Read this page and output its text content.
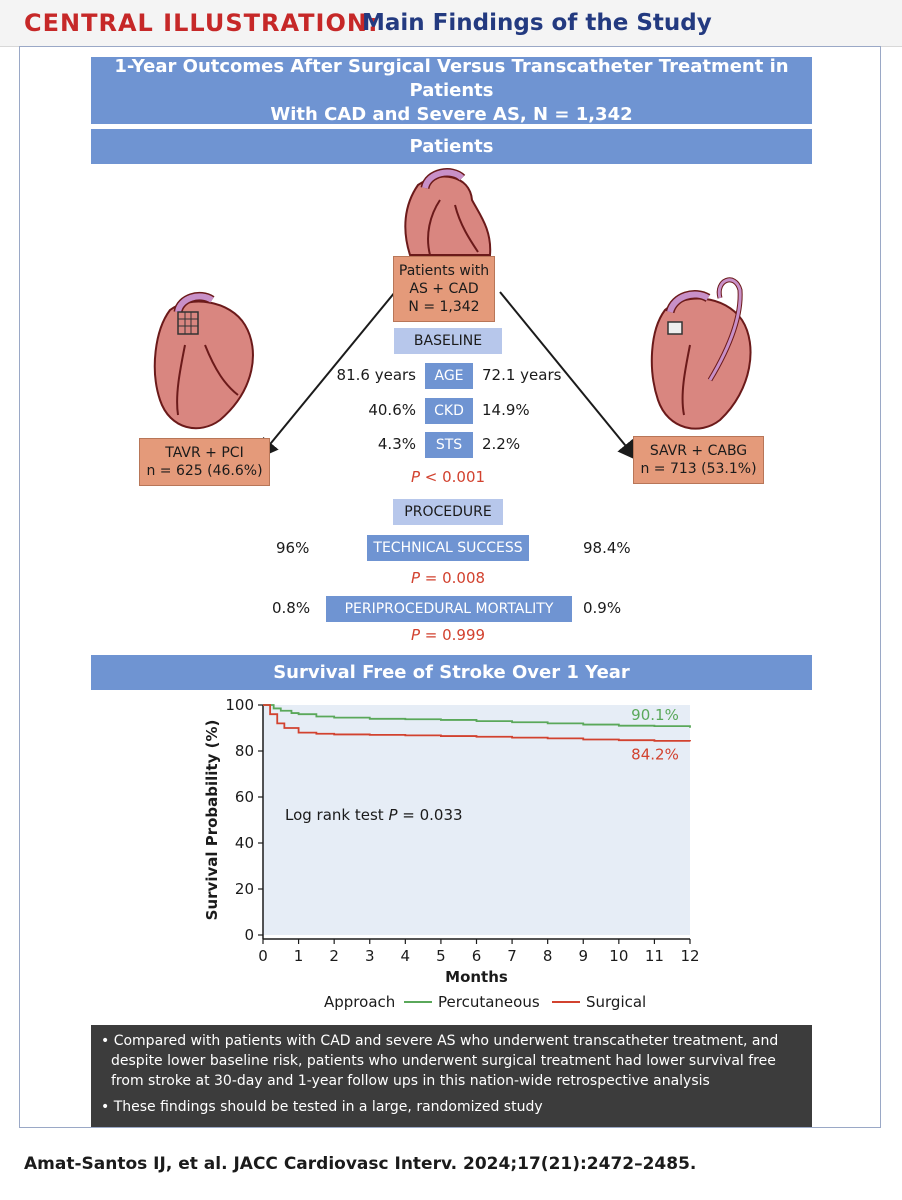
CENTRAL ILLUSTRATION:
Main Findings of the Study
1-Year Outcomes After Surgical Versus Transcatheter Treatment in Patients
With CAD and Severe AS, N = 1,342
Patients
Patients with
AS + CAD
N = 1,342
TAVR + PCI
n = 625 (46.6%)
SAVR + CABG
n = 713 (53.1%)
BASELINE
81.6 years	AGE	72.1 years
40.6%	CKD	14.9%
4.3%	STS	2.2%
P < 0.001
PROCEDURE
96%	TECHNICAL SUCCESS	98.4%
P = 0.008
0.8%	PERIPROCEDURAL MORTALITY	0.9%
P = 0.999
Survival Free of Stroke Over 1 Year
0
20
40
60
80
100
0 1 2 3 4 5 6 7 8 9 10 11 12
Months
Survival Probability (%)
90.1%
84.2%
Approach	Percutaneous	Surgical
Log rank test P = 0.033

• Compared with patients with CAD and severe AS who underwent transcatheter treatment, and despite lower baseline risk, patients who underwent surgical treatment had lower survival free from stroke at 30-day and 1-year follow ups in this nation-wide retrospective analysis

• These findings should be tested in a large, randomized study

Amat-Santos IJ, et al. JACC Cardiovasc Interv. 2024;17(21):2472–2485.
